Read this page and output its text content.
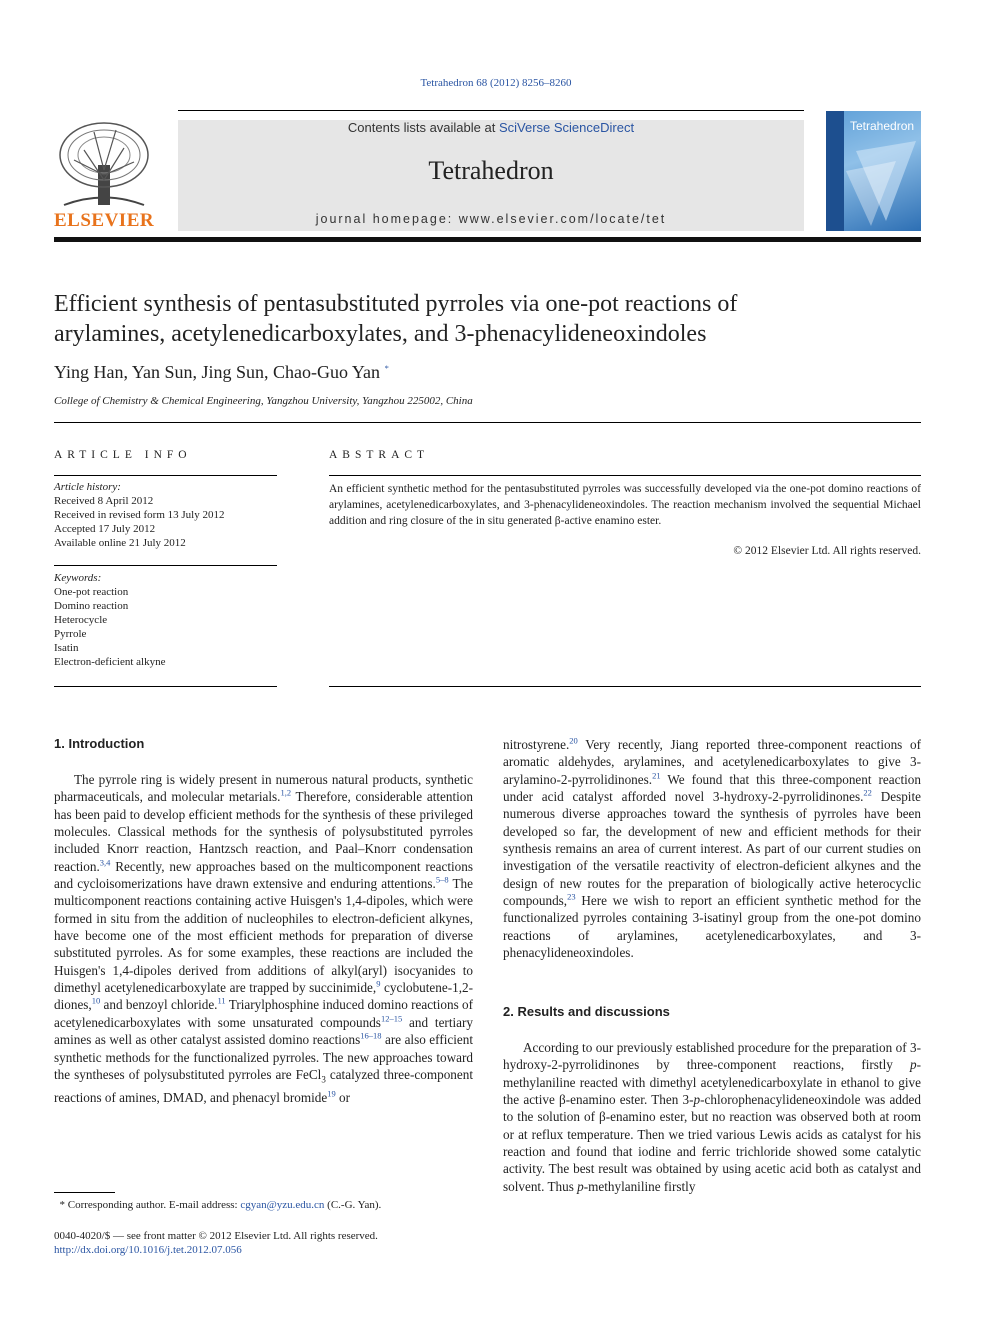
Tetrahedron 68 (2012) 8256–8260
ELSEVIER
Contents lists available at SciVerse ScienceDirect
Tetrahedron
journal homepage: www.elsevier.com/locate/tet
Tetrahedron
Efficient synthesis of pentasubstituted pyrroles via one-pot reactions of
arylamines, acetylenedicarboxylates, and 3-phenacylideneoxindoles
Ying Han, Yan Sun, Jing Sun, Chao-Guo Yan *
College of Chemistry & Chemical Engineering, Yangzhou University, Yangzhou 225002, China
ARTICLE INFO
Article history:
Received 8 April 2012
Received in revised form 13 July 2012
Accepted 17 July 2012
Available online 21 July 2012
Keywords:
One-pot reaction
Domino reaction
Heterocycle
Pyrrole
Isatin
Electron-deficient alkyne
ABSTRACT
An efficient synthetic method for the pentasubstituted pyrroles was successfully developed via the one-pot domino reactions of arylamines, acetylenedicarboxylates, and 3-phenacylideneoxindoles. The reaction mechanism involved the sequential Michael addition and ring closure of the in situ generated β-active enamino ester.
© 2012 Elsevier Ltd. All rights reserved.
1. Introduction

The pyrrole ring is widely present in numerous natural products, synthetic pharmaceuticals, and molecular metarials.$^{1,2}$ Therefore, considerable attention has been paid to develop efficient methods for the synthesis of these privileged molecules. Classical methods for the synthesis of polysubstituted pyrroles included Knorr reaction, Hantzsch reaction, and Paal–Knorr condensation reaction.$^{3,4}$ Recently, new approaches based on the multicomponent reactions and cycloisomerizations have drawn extensive and enduring attentions.$^{5-8}$ The multicomponent reactions containing active Huisgen's 1,4-dipoles, which were formed in situ from the addition of nucleophiles to electron-deficient alkynes, have become one of the most efficient methods for preparation of diverse substituted pyrroles. As for some examples, these reactions are included the Huisgen's 1,4-dipoles derived from additions of alkyl(aryl) isocyanides to dimethyl acetylenedicarboxylate are trapped by succinimide,$^9$ cyclobutene-1,2-diones,$^{10}$ and benzoyl chloride.$^{11}$ Triarylphosphine induced domino reactions of acetylenedicarboxylates with some unsaturated compounds$^{12-15}$ and tertiary amines as well as other catalyst assisted domino reactions$^{16-18}$ are also efficient synthetic methods for the functionalized pyrroles. The new approaches toward the syntheses of polysubstituted pyrroles are FeCl$_3$ catalyzed three-component reactions of amines, DMAD, and phenacyl bromide$^{19}$ or

nitrostyrene.$^{20}$ Very recently, Jiang reported three-component reactions of aromatic aldehydes, arylamines, and acetylenedicarboxylates to give 3-arylamino-2-pyrrolidinones.$^{21}$ We found that this three-component reaction under acid catalyst afforded novel 3-hydroxy-2-pyrrolidinones.$^{22}$ Despite numerous diverse approaches toward the synthesis of pyrroles have been developed so far, the development of new and efficient methods for their synthesis remains an area of current interest. As part of our current studies on investigation of the versatile reactivity of electron-deficient alkynes and the design of new routes for the preparation of biologically active heterocyclic compounds,$^{23}$ Here we wish to report an efficient synthetic method for the functionalized pyrroles containing 3-isatinyl group from the one-pot domino reactions of arylamines, acetylenedicarboxylates, and 3-phenacylideneoxindoles.

2. Results and discussions

According to our previously established procedure for the preparation of 3-hydroxy-2-pyrrolidinones by three-component reactions, firstly p-methylaniline reacted with dimethyl acetylenedicarboxylate in ethanol to give the active β-enamino ester. Then 3-p-chlorophenacylideneoxindole was added to the solution of β-enamino ester, but no reaction was observed both at room or at reflux temperature. Then we tried various Lewis acids as catalyst for his reaction and found that iodine and ferric trichloride showed some catalytic activity. The best result was obtained by using acetic acid both as catalyst and solvent. Thus p-methylaniline firstly

* Corresponding author. E-mail address: cgyan@yzu.edu.cn (C.-G. Yan).
0040-4020/$ — see front matter © 2012 Elsevier Ltd. All rights reserved.
http://dx.doi.org/10.1016/j.tet.2012.07.056
